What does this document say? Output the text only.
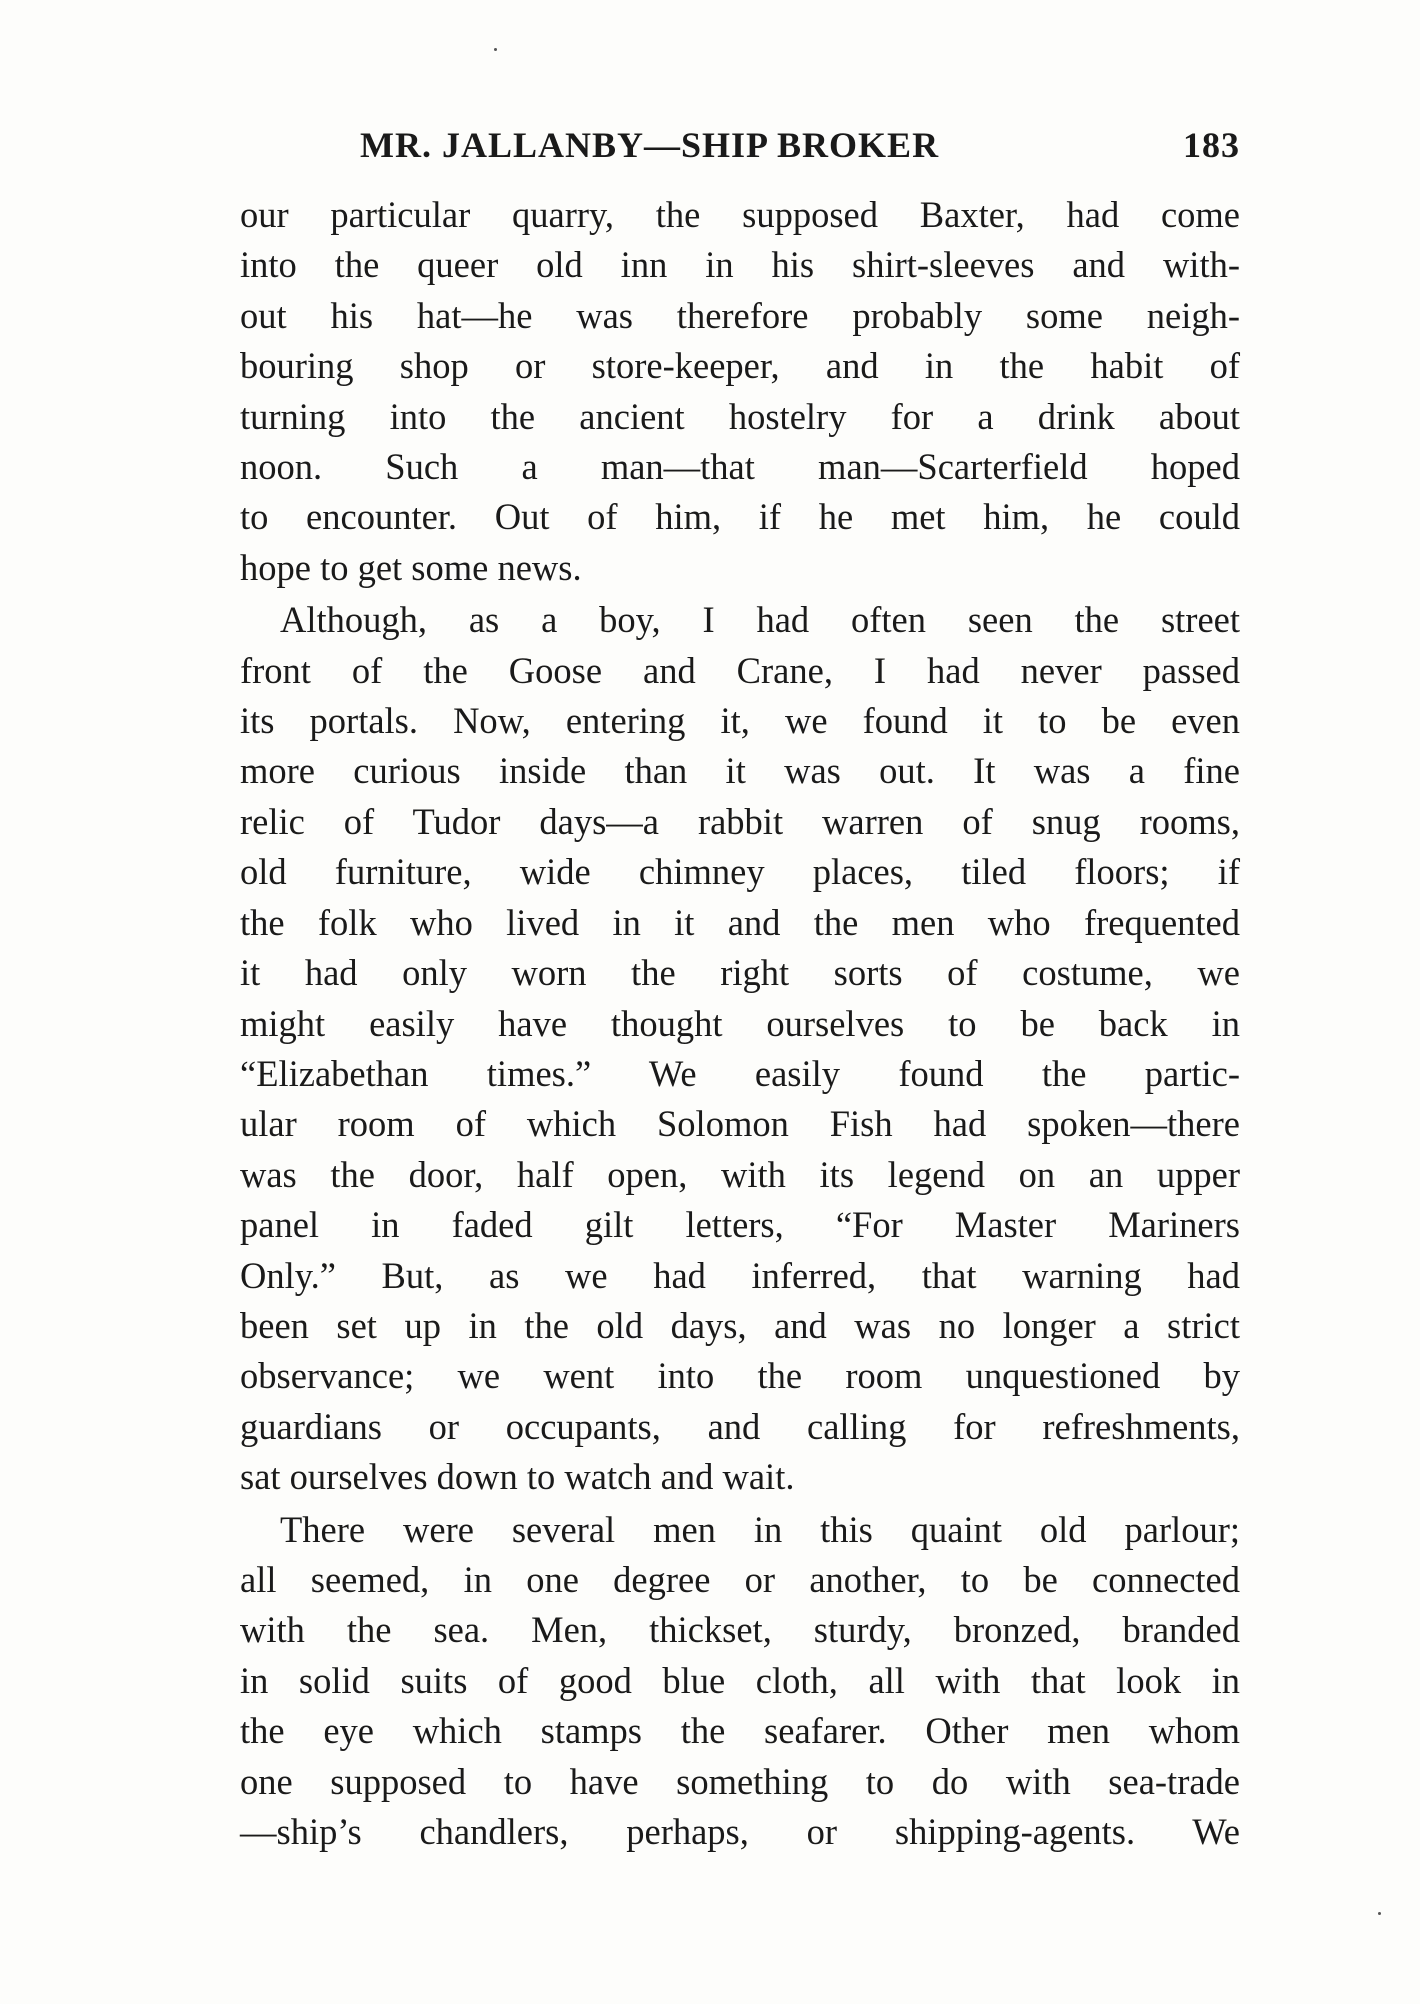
MR. JALLANBY—SHIP BROKER	183

our particular quarry, the supposed Baxter, had come
into the queer old inn in his shirt-sleeves and with-
out his hat—he was therefore probably some neigh-
bouring shop or store-keeper, and in the habit of
turning into the ancient hostelry for a drink about
noon. Such a man—that man—Scarterfield hoped
to encounter. Out of him, if he met him, he could
hope to get some news.

Although, as a boy, I had often seen the street
front of the Goose and Crane, I had never passed
its portals. Now, entering it, we found it to be even
more curious inside than it was out. It was a fine
relic of Tudor days—a rabbit warren of snug rooms,
old furniture, wide chimney places, tiled floors; if
the folk who lived in it and the men who frequented
it had only worn the right sorts of costume, we
might easily have thought ourselves to be back in
“Elizabethan times.” We easily found the partic-
ular room of which Solomon Fish had spoken—there
was the door, half open, with its legend on an upper
panel in faded gilt letters, “For Master Mariners
Only.” But, as we had inferred, that warning had
been set up in the old days, and was no longer a strict
observance; we went into the room unquestioned by
guardians or occupants, and calling for refreshments,
sat ourselves down to watch and wait.

There were several men in this quaint old parlour;
all seemed, in one degree or another, to be connected
with the sea. Men, thickset, sturdy, bronzed, branded
in solid suits of good blue cloth, all with that look in
the eye which stamps the seafarer. Other men whom
one supposed to have something to do with sea-trade
—ship’s chandlers, perhaps, or shipping-agents. We
